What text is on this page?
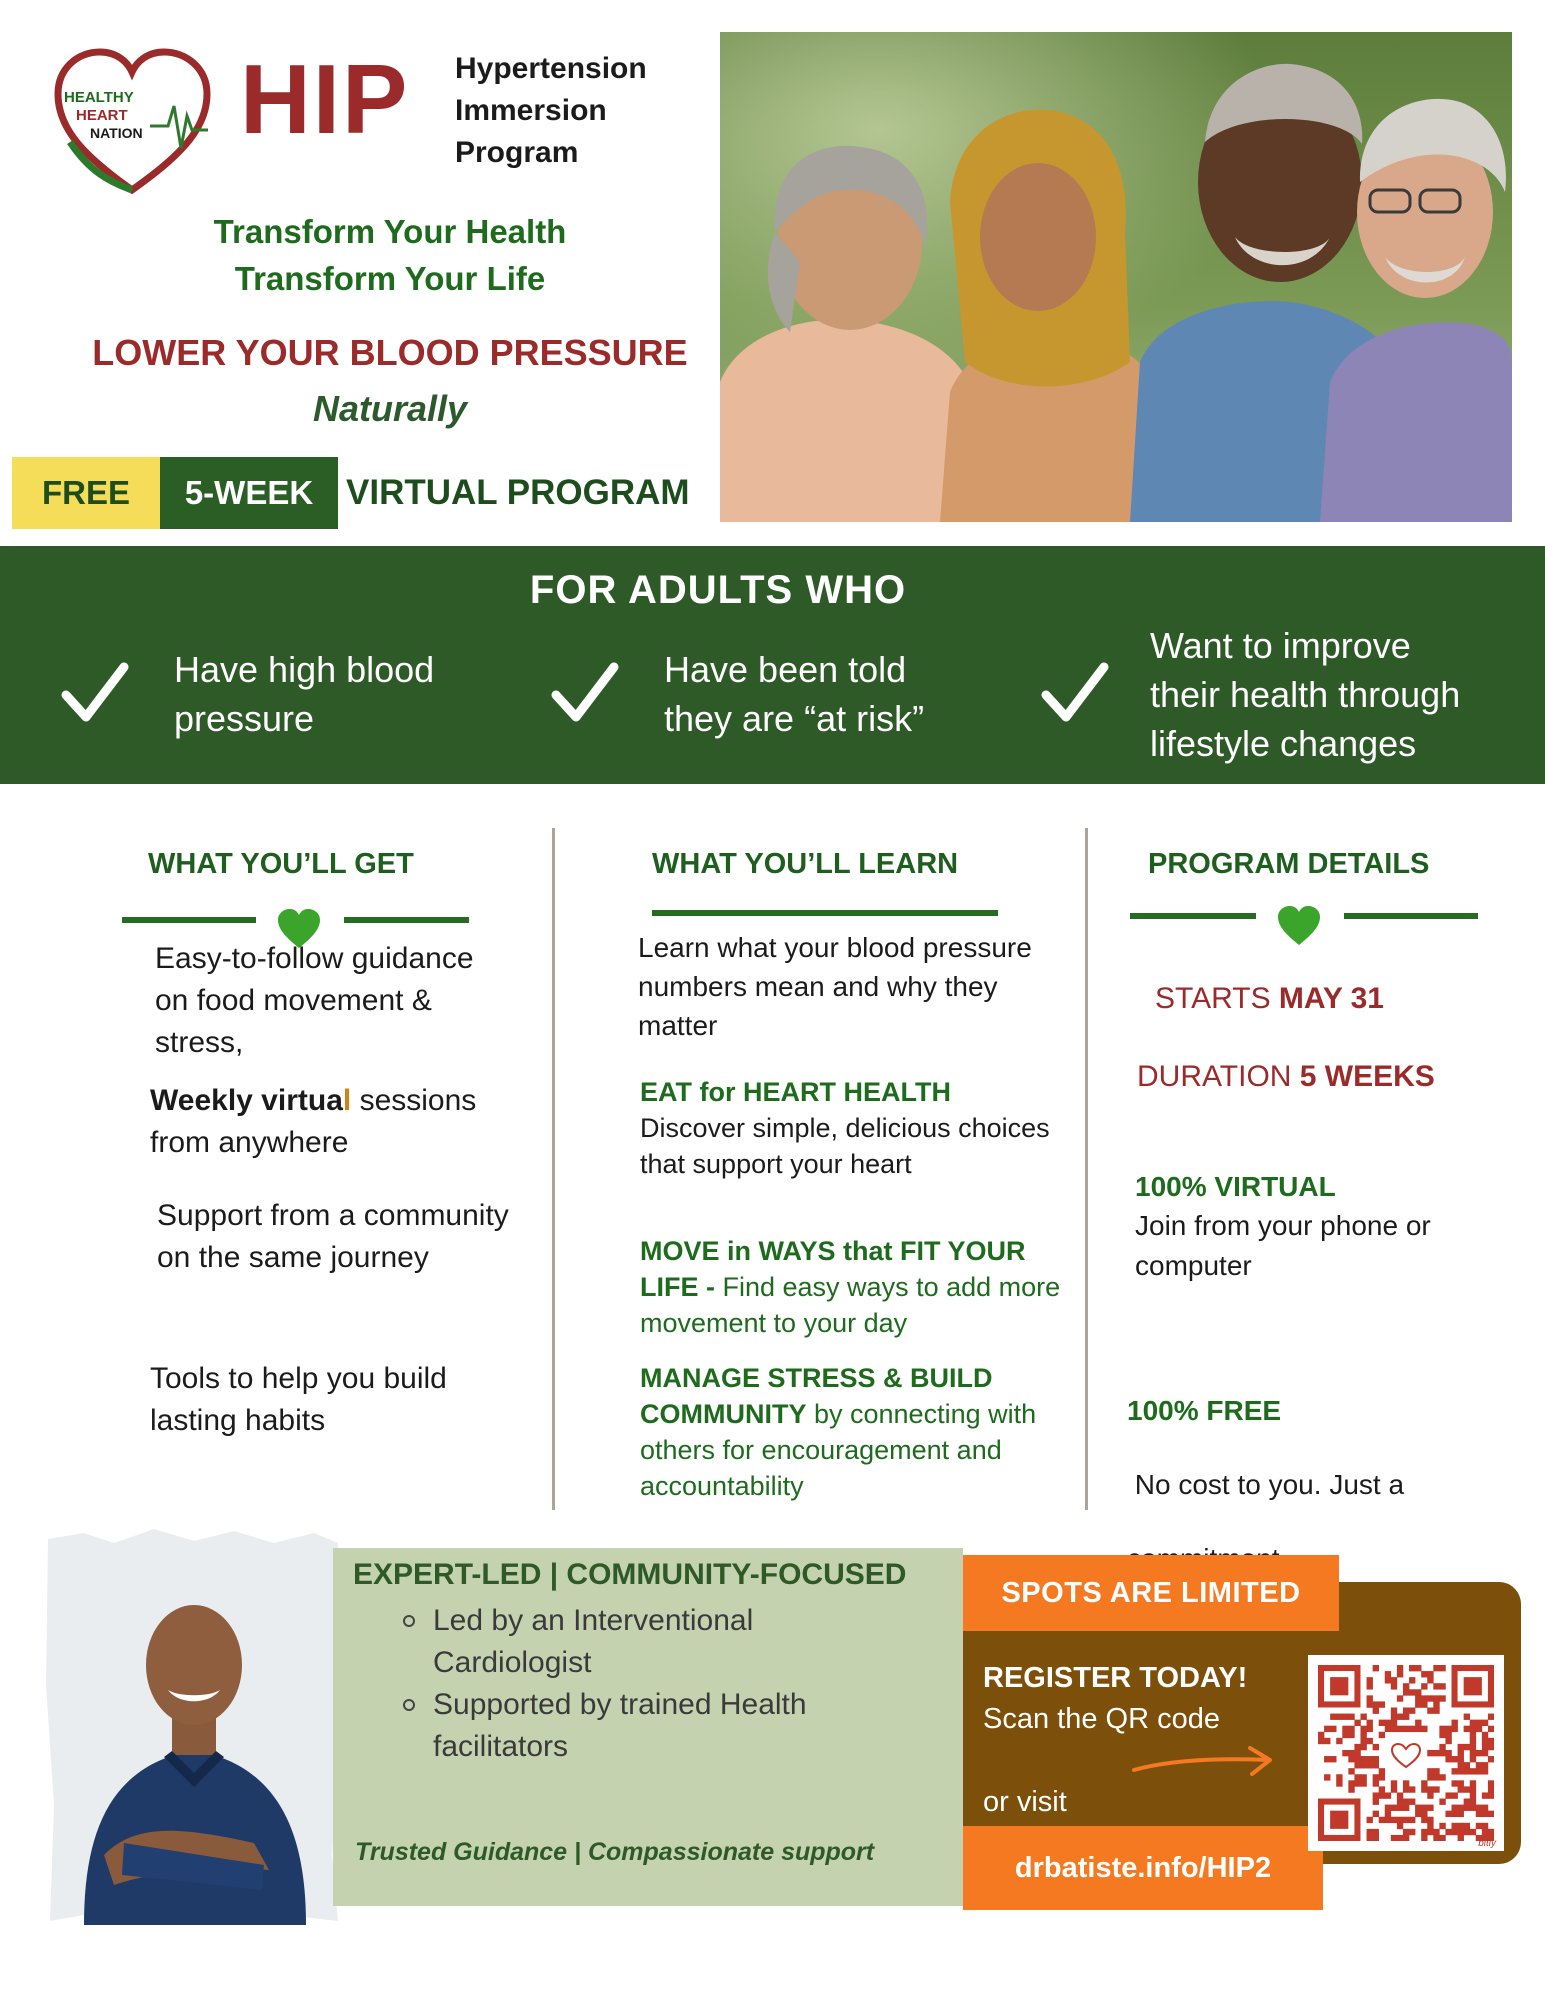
HEALTHY
HEART
NATION HIP Hypertension
Immersion
Program
Transform Your Health
Transform Your Life
LOWER YOUR BLOOD PRESSURE
Naturally
FREE	5-WEEK VIRTUAL PROGRAM
FOR ADULTS WHO
Have high blood
pressure
Have been told
they are “at risk”
Want to improve
their health through
lifestyle changes
WHAT YOU’LL GET
Easy-to-follow guidance on food movement & stress,
Weekly virtual sessions from anywhere
Support from a community on the same journey
Tools to help you build lasting habits
WHAT YOU’LL LEARN
Learn what your blood pressure numbers mean and why they matter
EAT for HEART HEALTH
Discover simple, delicious choices that support your heart
MOVE in WAYS that FIT YOUR LIFE - Find easy ways to add more movement to your day
MANAGE STRESS & BUILD COMMUNITY by connecting with others for encouragement and accountability
PROGRAM DETAILS
STARTS MAY 31
DURATION 5 WEEKS
100% VIRTUAL
Join from your phone or computer

100% FREE

No cost to you. Just a

EXPERT-LED | COMMUNITY-FOCUSED
Led by an Interventional Cardiologist
Supported by trained Health facilitators
Trusted Guidance | Compassionate support
SPOTS ARE LIMITED
REGISTER TODAY!
Scan the QR code
or visit
drbatiste.info/HIP2
bitly
